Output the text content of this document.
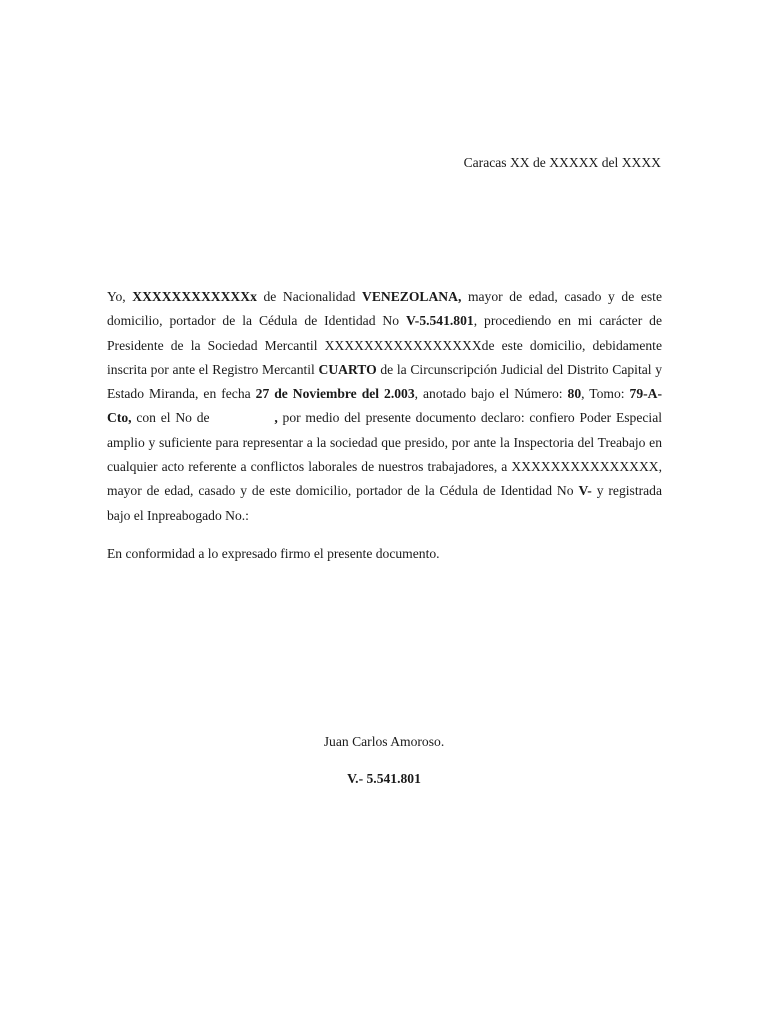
Caracas XX de XXXXX del XXXX

Yo, XXXXXXXXXXXXx de Nacionalidad VENEZOLANA, mayor de edad, casado y de este domicilio, portador de la Cédula de Identidad No V-5.541.801, procediendo en mi carácter de Presidente de la Sociedad Mercantil XXXXXXXXXXXXXXXXde este domicilio, debidamente inscrita por ante el Registro Mercantil CUARTO de la Circunscripción Judicial del Distrito Capital y Estado Miranda, en fecha 27 de Noviembre del 2.003, anotado bajo el Número: 80, Tomo: 79-A-Cto, con el No de	, por medio del presente documento declaro: confiero Poder Especial amplio y suficiente para representar a la sociedad que presido, por ante la Inspectoria del Treabajo en cualquier acto referente a conflictos laborales de nuestros trabajadores, a XXXXXXXXXXXXXXX, mayor de edad, casado y de este domicilio, portador de la Cédula de Identidad No V- y registrada bajo el Inpreabogado No.:

En conformidad a lo expresado firmo el presente documento.
Juan Carlos Amoroso.
V.- 5.541.801
